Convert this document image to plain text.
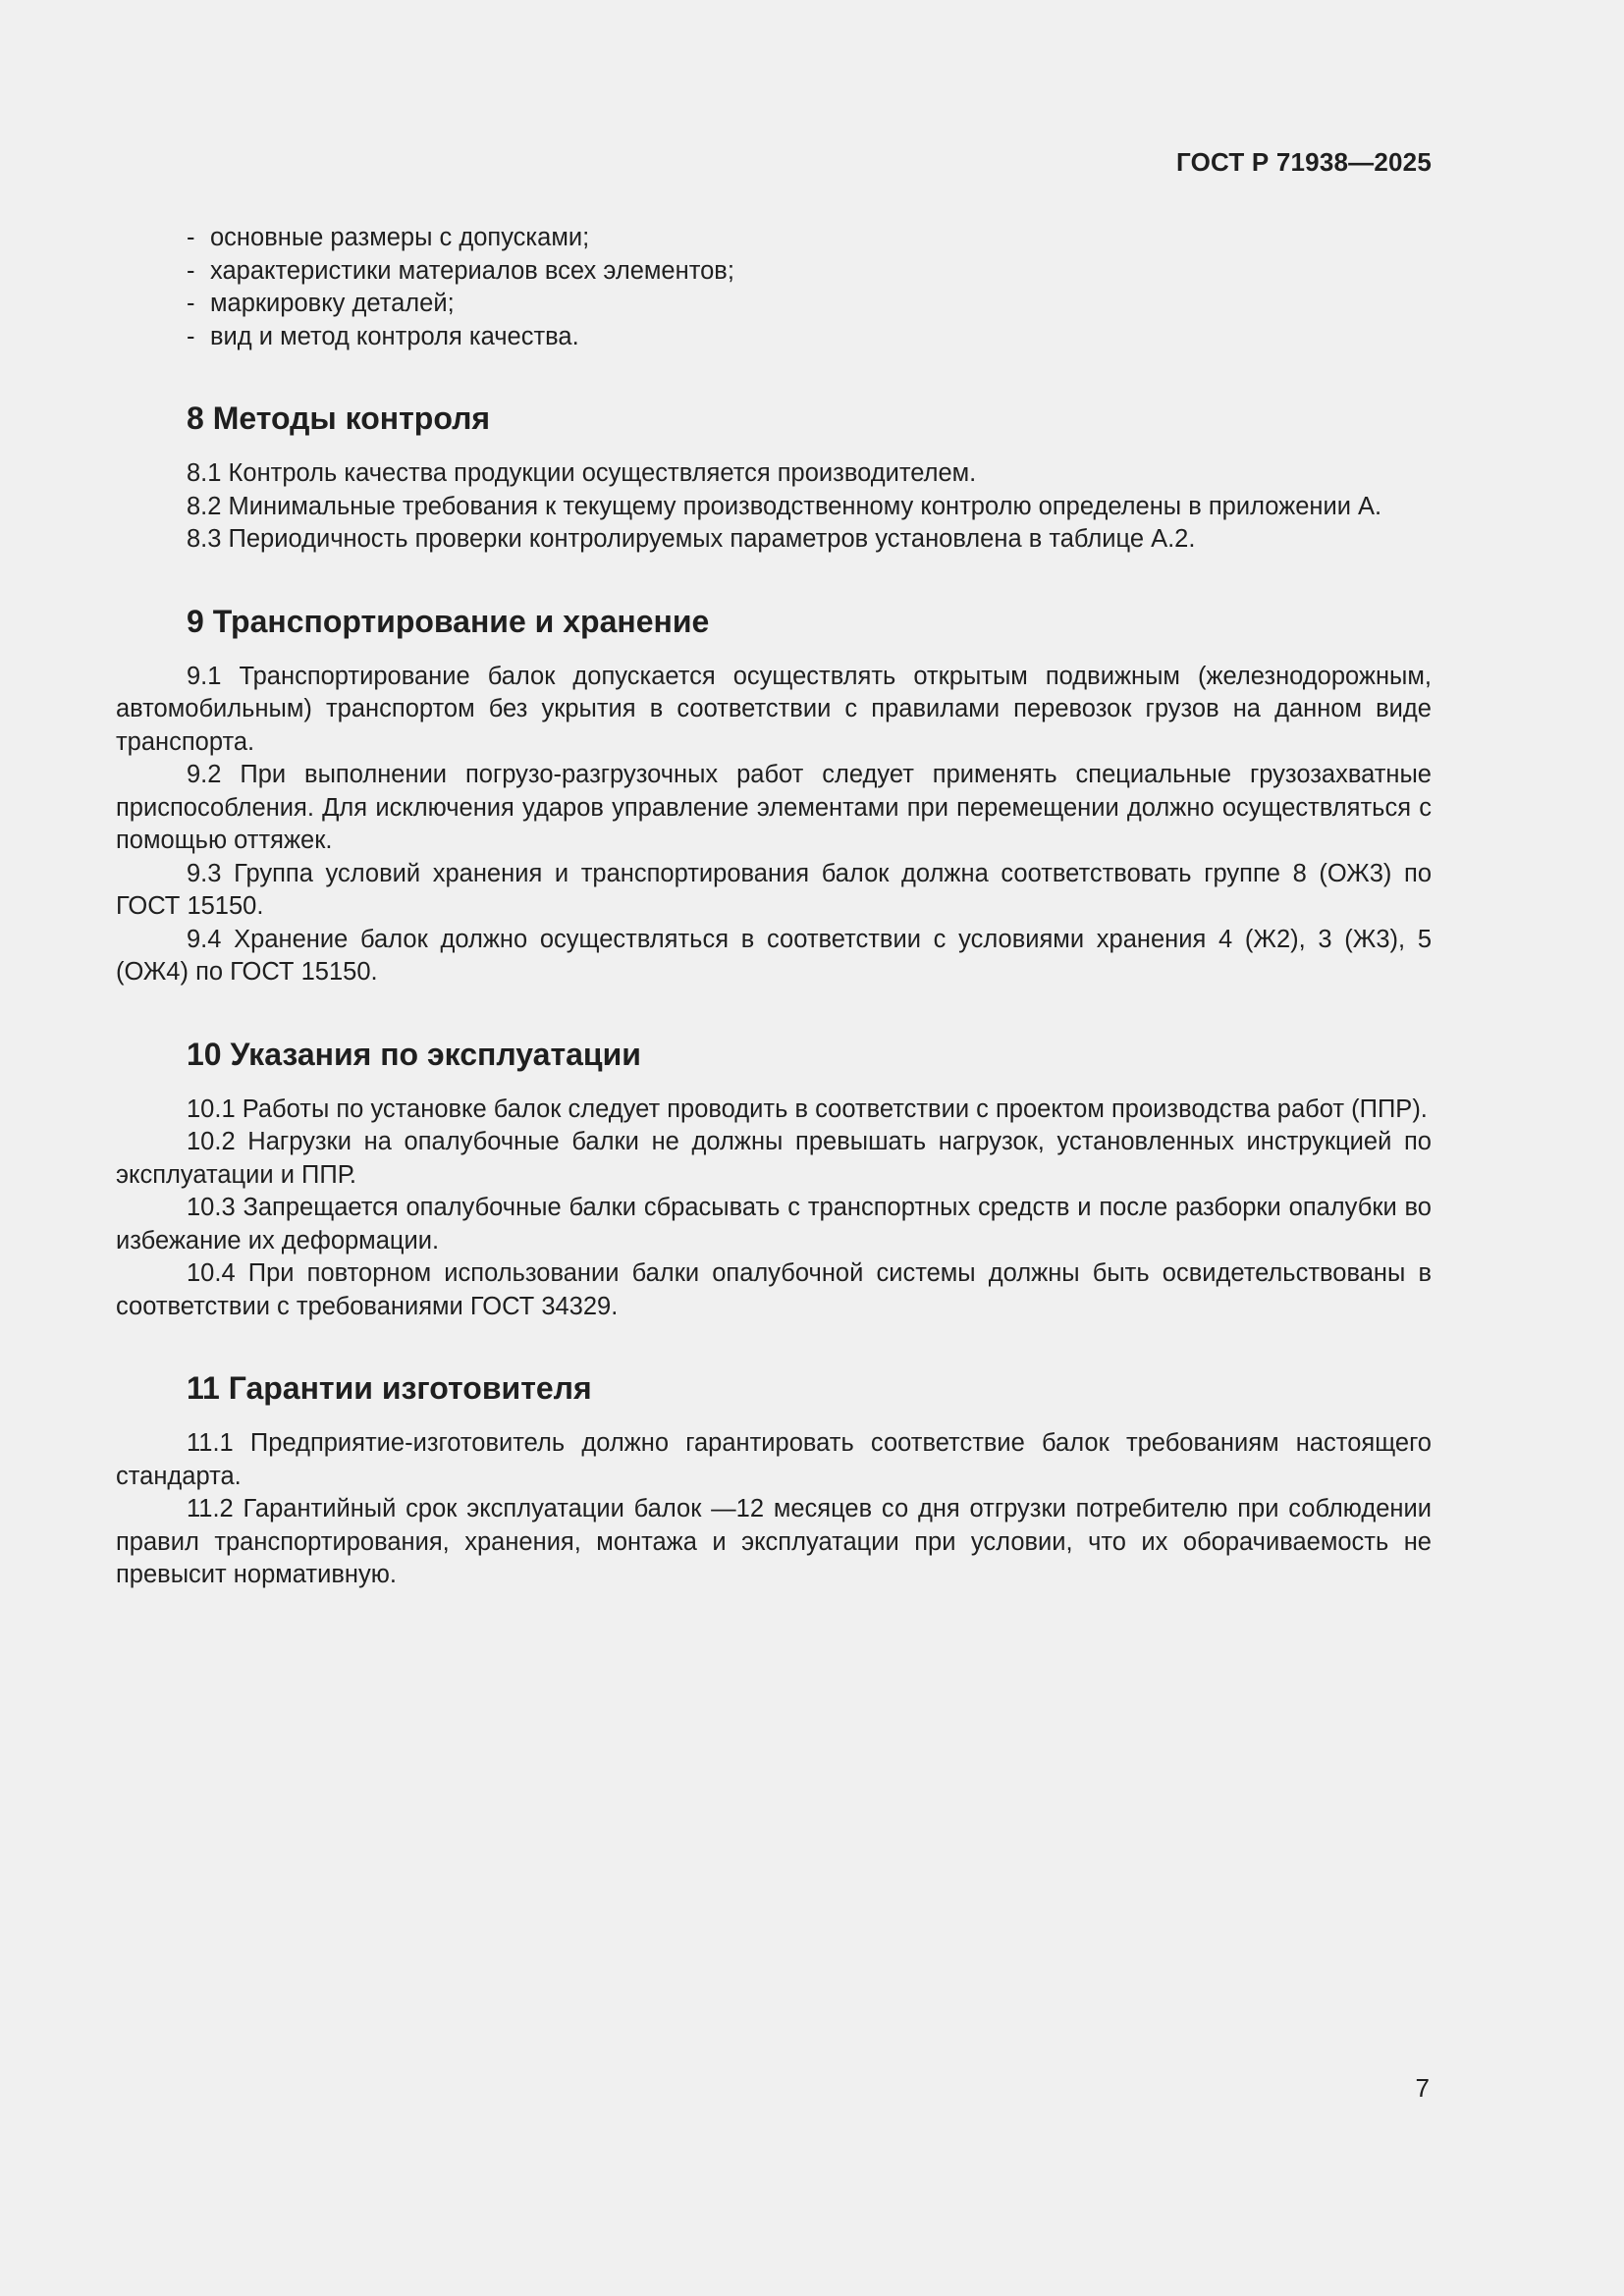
ГОСТ Р 71938—2025
- основные размеры с допусками;
- характеристики материалов всех элементов;
- маркировку деталей;
- вид и метод контроля качества.
8 Методы контроля

8.1 Контроль качества продукции осуществляется производителем.

8.2 Минимальные требования к текущему производственному контролю определены в приложении А.

8.3 Периодичность проверки контролируемых параметров установлена в таблице А.2.

9 Транспортирование и хранение

9.1 Транспортирование балок допускается осуществлять открытым подвижным (железнодорожным, автомобильным) транспортом без укрытия в соответствии с правилами перевозок грузов на данном виде транспорта.

9.2 При выполнении погрузо-разгрузочных работ следует применять специальные грузозахватные приспособления. Для исключения ударов управление элементами при перемещении должно осуществляться с помощью оттяжек.

9.3 Группа условий хранения и транспортирования балок должна соответствовать группе 8 (ОЖ3) по ГОСТ 15150.

9.4 Хранение балок должно осуществляться в соответствии с условиями хранения 4 (Ж2), 3 (Ж3), 5 (ОЖ4) по ГОСТ 15150.

10 Указания по эксплуатации

10.1 Работы по установке балок следует проводить в соответствии с проектом производства работ (ППР).

10.2 Нагрузки на опалубочные балки не должны превышать нагрузок, установленных инструкцией по эксплуатации и ППР.

10.3 Запрещается опалубочные балки сбрасывать с транспортных средств и после разборки опалубки во избежание их деформации.

10.4 При повторном использовании балки опалубочной системы должны быть освидетельствованы в соответствии с требованиями ГОСТ 34329.

11 Гарантии изготовителя

11.1 Предприятие-изготовитель должно гарантировать соответствие балок требованиям настоящего стандарта.

11.2 Гарантийный срок эксплуатации балок —12 месяцев со дня отгрузки потребителю при соблюдении правил транспортирования, хранения, монтажа и эксплуатации при условии, что их оборачиваемость не превысит нормативную.

7
